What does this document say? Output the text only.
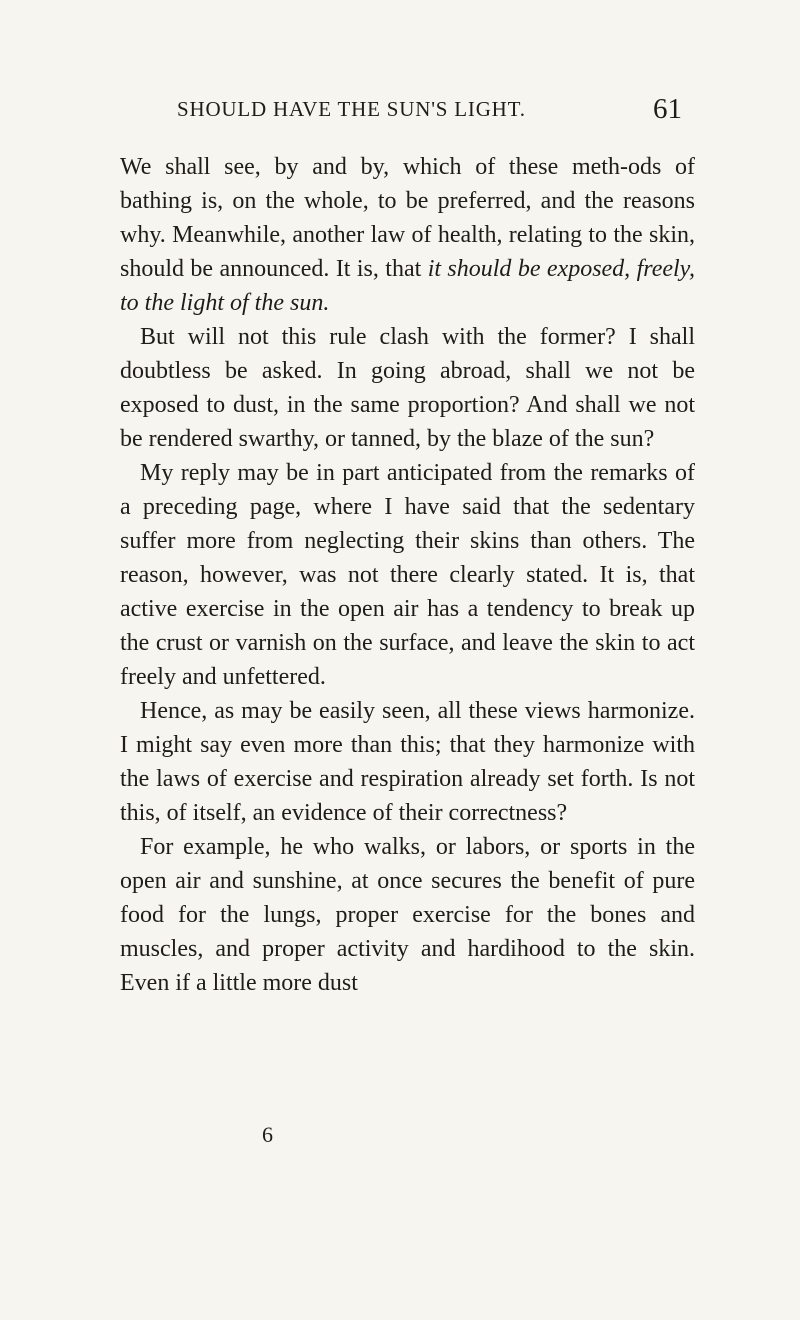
SHOULD HAVE THE SUN'S LIGHT.	61

We shall see, by and by, which of these meth-ods of bathing is, on the whole, to be preferred, and the reasons why. Meanwhile, another law of health, relating to the skin, should be announced. It is, that it should be exposed, freely, to the light of the sun.

But will not this rule clash with the former? I shall doubtless be asked. In going abroad, shall we not be exposed to dust, in the same proportion? And shall we not be rendered swarthy, or tanned, by the blaze of the sun?

My reply may be in part anticipated from the remarks of a preceding page, where I have said that the sedentary suffer more from neglecting their skins than others. The reason, however, was not there clearly stated. It is, that active exercise in the open air has a tendency to break up the crust or varnish on the surface, and leave the skin to act freely and unfettered.

Hence, as may be easily seen, all these views harmonize. I might say even more than this; that they harmonize with the laws of exercise and respiration already set forth. Is not this, of itself, an evidence of their correctness?

For example, he who walks, or labors, or sports in the open air and sunshine, at once secures the benefit of pure food for the lungs, proper exercise for the bones and muscles, and proper activity and hardihood to the skin. Even if a little more dust

6
